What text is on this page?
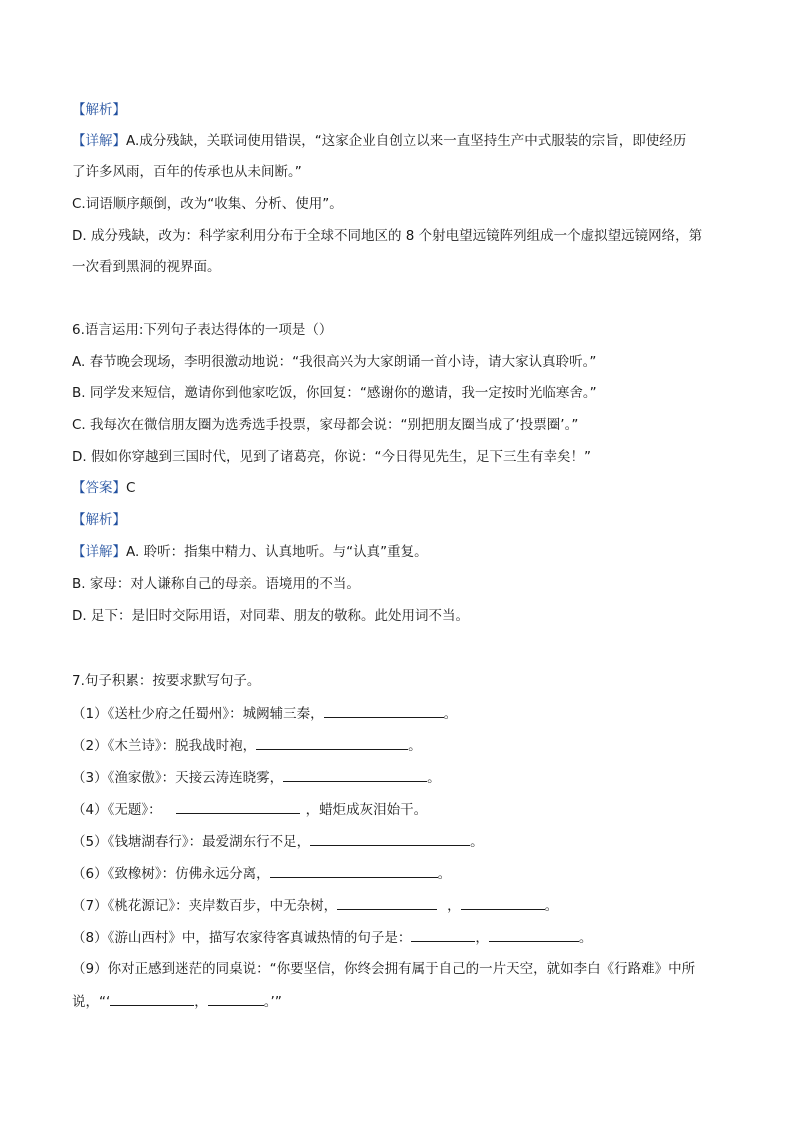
【解析】
【详解】A.成分残缺，关联词使用错误，“这家企业自创立以来一直坚持生产中式服装的宗旨，即使经历
了许多风雨，百年的传承也从未间断。”
C.词语顺序颠倒，改为“收集、分析、使用”。
D. 成分残缺，改为：科学家利用分布于全球不同地区的 8 个射电望远镜阵列组成一个虚拟望远镜网络，第
一次看到黑洞的视界面。
6.语言运用:下列句子表达得体的一项是（）
A. 春节晚会现场，李明很激动地说：“我很高兴为大家朗诵一首小诗，请大家认真聆听。”
B. 同学发来短信，邀请你到他家吃饭，你回复：“感谢你的邀请，我一定按时光临寒舍。”
C. 我每次在微信朋友圈为选秀选手投票，家母都会说：“别把朋友圈当成了‘投票圈’。”
D. 假如你穿越到三国时代，见到了诸葛亮，你说：“今日得见先生，足下三生有幸矣！”
【答案】C
【解析】
【详解】A. 聆听：指集中精力、认真地听。与“认真”重复。
B. 家母：对人谦称自己的母亲。语境用的不当。
D. 足下：是旧时交际用语，对同辈、朋友的敬称。此处用词不当。
7.句子积累：按要求默写句子。
（1）《送杜少府之任蜀州》：城阙辅三秦，	。
（2）《木兰诗》：脱我战时袍，	。
（3）《渔家傲》：天接云涛连晓雾，	。
（4）《无题》：	，蜡炬成灰泪始干。
（5）《钱塘湖春行》：最爱湖东行不足，	。
（6）《致橡树》：仿佛永远分离，	。
（7）《桃花源记》：夹岸数百步，中无杂树，	，	。
（8）《游山西村》中，描写农家待客真诚热情的句子是：	，	。
（9）你对正感到迷茫的同桌说：“你要坚信，你终会拥有属于自己的一片天空，就如李白《行路难》中所
说，“‘	，	。’”
